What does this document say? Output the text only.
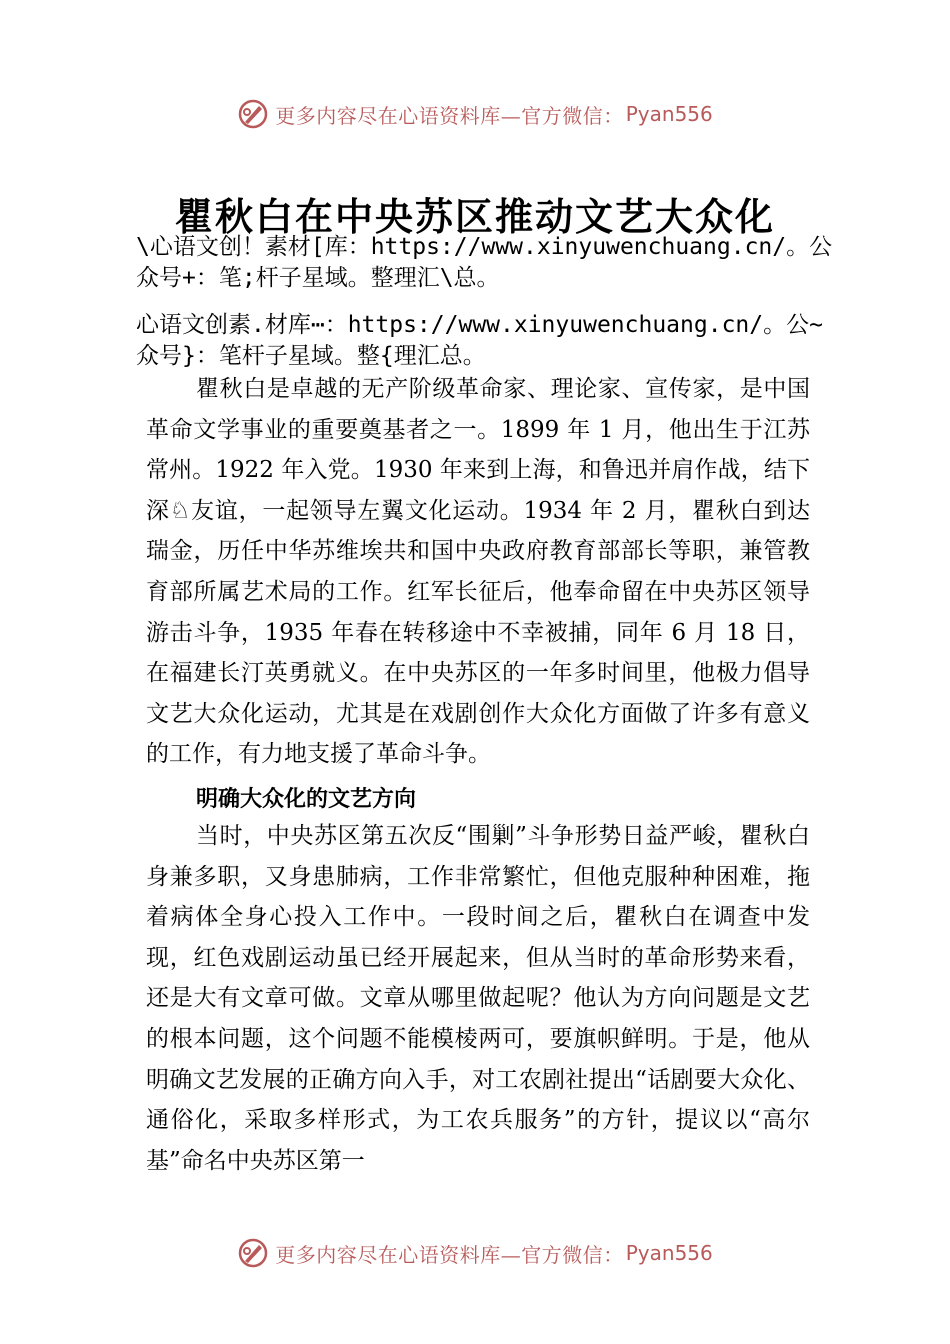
更多内容尽在心语资料库—官方微信： Pyan556
瞿秋白在中央苏区推动文艺大众化
\心语文创！素材[库：https://www.xinyuwenchuang.cn/。公众号+：笔;杆子星域。整理汇\总。
心语文创素.材库⋯：https://www.xinyuwenchuang.cn/。公~众号}：笔杆子星域。整{理汇总。
瞿秋白是卓越的无产阶级革命家、理论家、宣传家，是中国革命文学事业的重要奠基者之一。1899 年 1 月，他出生于江苏常州。1922 年入党。1930 年来到上海，和鲁迅并肩作战，结下深♘友谊，一起领导左翼文化运动。1934 年 2 月，瞿秋白到达瑞金，历任中华苏维埃共和国中央政府教育部部长等职，兼管教育部所属艺术局的工作。红军长征后，他奉命留在中央苏区领导游击斗争，1935 年春在转移途中不幸被捕，同年 6 月 18 日，在福建长汀英勇就义。在中央苏区的一年多时间里，他极力倡导文艺大众化运动，尤其是在戏剧创作大众化方面做了许多有意义的工作，有力地支援了革命斗争。
明确大众化的文艺方向
当时，中央苏区第五次反“围剿”斗争形势日益严峻，瞿秋白身兼多职，又身患肺病，工作非常繁忙，但他克服种种困难，拖着病体全身心投入工作中。一段时间之后，瞿秋白在调查中发现，红色戏剧运动虽已经开展起来，但从当时的革命形势来看，还是大有文章可做。文章从哪里做起呢？他认为方向问题是文艺的根本问题，这个问题不能模棱两可，要旗帜鲜明。于是，他从明确文艺发展的正确方向入手，对工农剧社提出“话剧要大众化、通俗化，采取多样形式，为工农兵服务”的方针，提议以“高尔基”命名中央苏区第一
更多内容尽在心语资料库—官方微信： Pyan556
